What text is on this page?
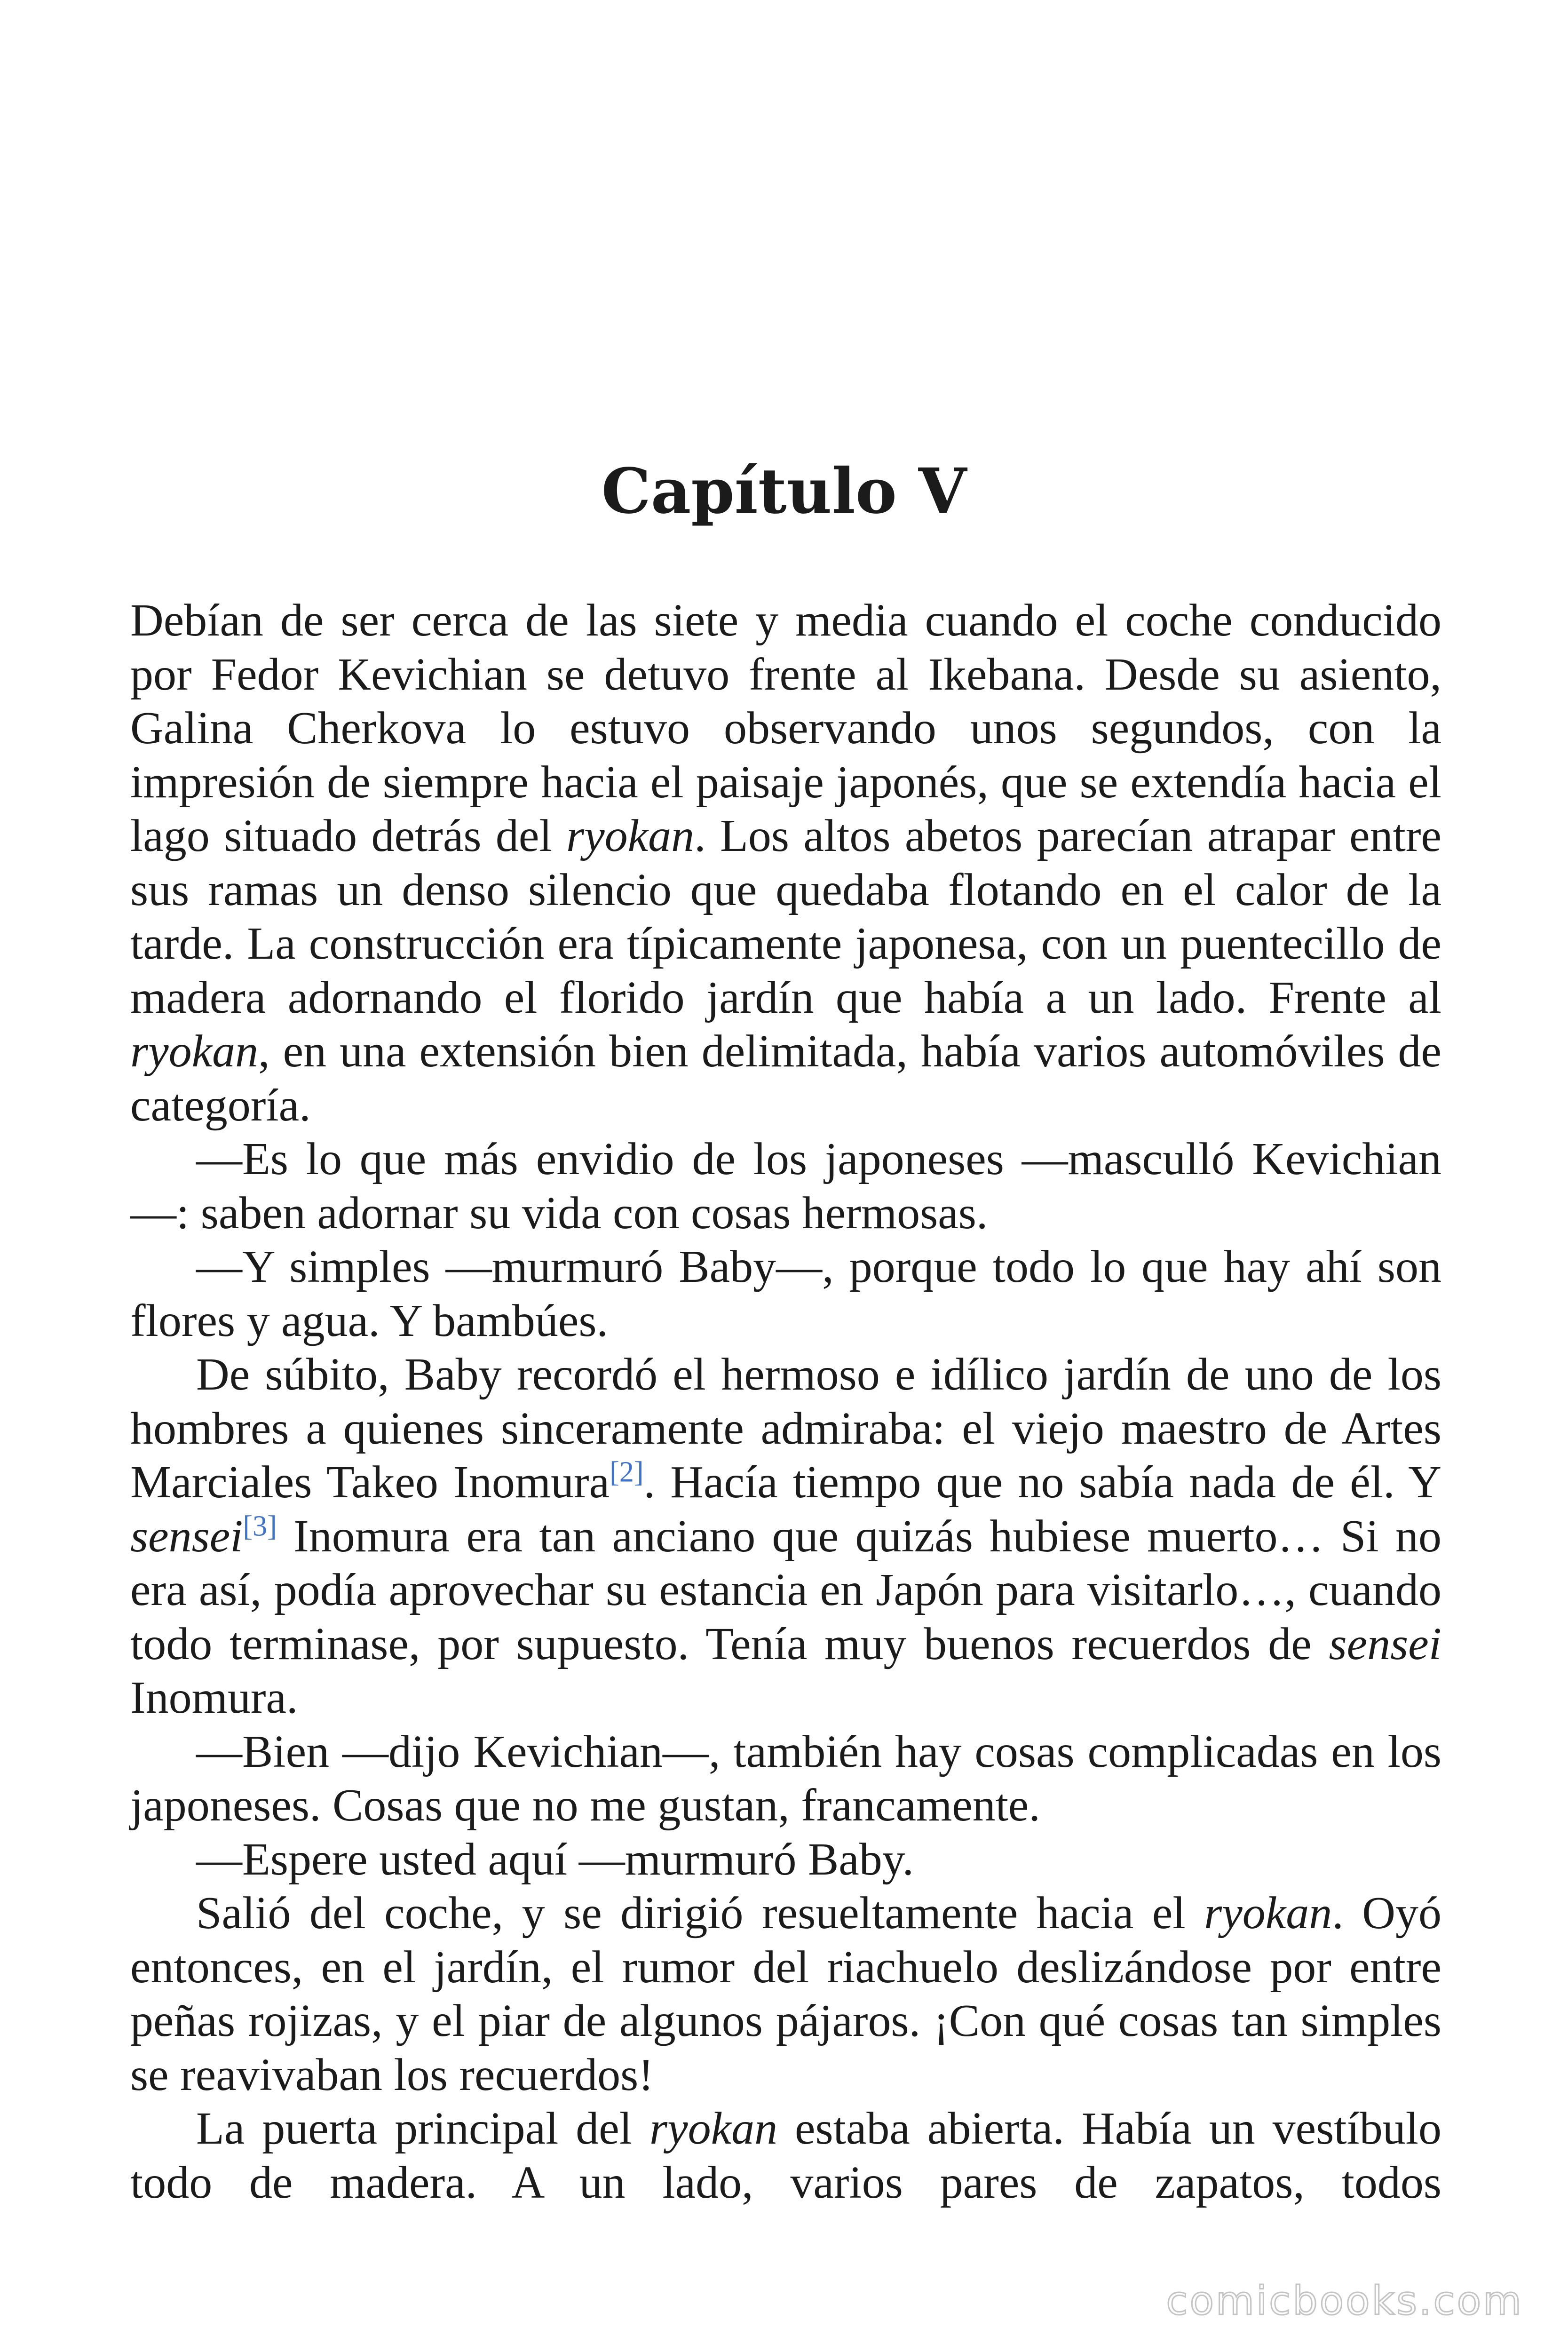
Capítulo V

Debían de ser cerca de las siete y media cuando el coche conducido por Fedor Kevichian se detuvo frente al Ikebana. Desde su asiento, Galina Cherkova lo estuvo observando unos segundos, con la impresión de siempre hacia el paisaje japonés, que se extendía hacia el lago situado detrás del ryokan. Los altos abetos parecían atrapar entre sus ramas un denso silencio que quedaba flotando en el calor de la tarde. La construcción era típicamente japonesa, con un puentecillo de madera adornando el florido jardín que había a un lado. Frente al ryokan, en una extensión bien delimitada, había varios automóviles de categoría.

—Es lo que más envidio de los japoneses —masculló Kevichian —: saben adornar su vida con cosas hermosas.

—Y simples —murmuró Baby—, porque todo lo que hay ahí son flores y agua. Y bambúes.

De súbito, Baby recordó el hermoso e idílico jardín de uno de los hombres a quienes sinceramente admiraba: el viejo maestro de Artes Marciales Takeo Inomura[2]. Hacía tiempo que no sabía nada de él. Y sensei[3] Inomura era tan anciano que quizás hubiese muerto… Si no era así, podía aprovechar su estancia en Japón para visitarlo…, cuando todo terminase, por supuesto. Tenía muy buenos recuerdos de sensei Inomura.

—Bien —dijo Kevichian—, también hay cosas complicadas en los japoneses. Cosas que no me gustan, francamente.

—Espere usted aquí —murmuró Baby.

Salió del coche, y se dirigió resueltamente hacia el ryokan. Oyó entonces, en el jardín, el rumor del riachuelo deslizándose por entre peñas rojizas, y el piar de algunos pájaros. ¡Con qué cosas tan simples se reavivaban los recuerdos!

La puerta principal del ryokan estaba abierta. Había un vestíbulo todo de madera. A un lado, varios pares de zapatos, todos

comicbooks.com
